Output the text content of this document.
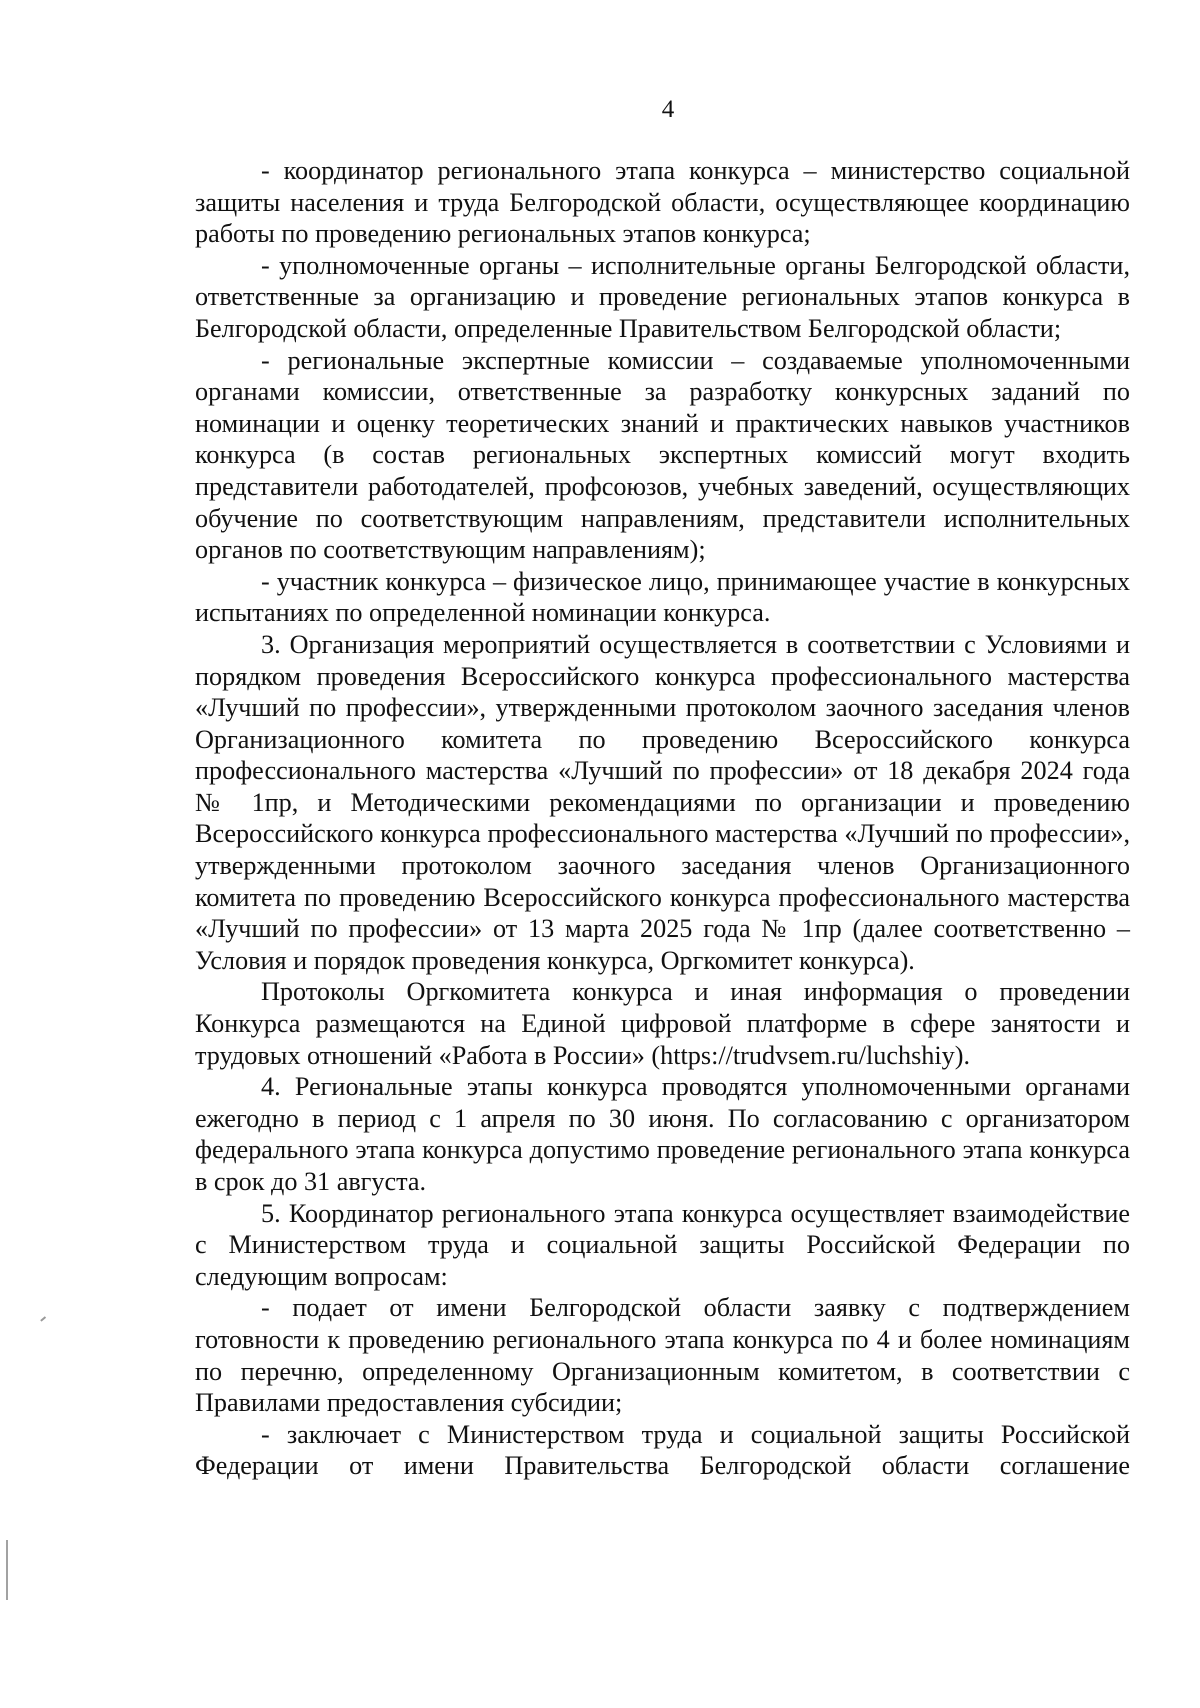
4

- координатор регионального этапа конкурса – министерство социальной защиты населения и труда Белгородской области, осуществляющее координацию работы по проведению региональных этапов конкурса;

- уполномоченные органы – исполнительные органы Белгородской области, ответственные за организацию и проведение региональных этапов конкурса в Белгородской области, определенные Правительством Белгородской области;

- региональные экспертные комиссии – создаваемые уполномоченными органами комиссии, ответственные за разработку конкурсных заданий по номинации и оценку теоретических знаний и практических навыков участников конкурса (в состав региональных экспертных комиссий могут входить представители работодателей, профсоюзов, учебных заведений, осуществляющих обучение по соответствующим направлениям, представители исполнительных органов по соответствующим направлениям);

- участник конкурса – физическое лицо, принимающее участие в конкурсных испытаниях по определенной номинации конкурса.

3. Организация мероприятий осуществляется в соответствии с Условиями и порядком проведения Всероссийского конкурса профессионального мастерства «Лучший по профессии», утвержденными протоколом заочного заседания членов Организационного комитета по проведению Всероссийского конкурса профессионального мастерства «Лучший по профессии» от 18 декабря 2024 года № 1пр, и Методическими рекомендациями по организации и проведению Всероссийского конкурса профессионального мастерства «Лучший по профессии», утвержденными протоколом заочного заседания членов Организационного комитета по проведению Всероссийского конкурса профессионального мастерства «Лучший по профессии» от 13 марта 2025 года № 1пр (далее соответственно – Условия и порядок проведения конкурса, Оргкомитет конкурса).

Протоколы Оргкомитета конкурса и иная информация о проведении Конкурса размещаются на Единой цифровой платформе в сфере занятости и трудовых отношений «Работа в России» (https://trudvsem.ru/luchshiy).

4. Региональные этапы конкурса проводятся уполномоченными органами ежегодно в период с 1 апреля по 30 июня. По согласованию с организатором федерального этапа конкурса допустимо проведение регионального этапа конкурса в срок до 31 августа.

5. Координатор регионального этапа конкурса осуществляет взаимодействие с Министерством труда и социальной защиты Российской Федерации по следующим вопросам:

- подает от имени Белгородской области заявку с подтверждением готовности к проведению регионального этапа конкурса по 4 и более номинациям по перечню, определенному Организационным комитетом, в соответствии с Правилами предоставления субсидии;

- заключает с Министерством труда и социальной защиты Российской Федерации от имени Правительства Белгородской области соглашение
